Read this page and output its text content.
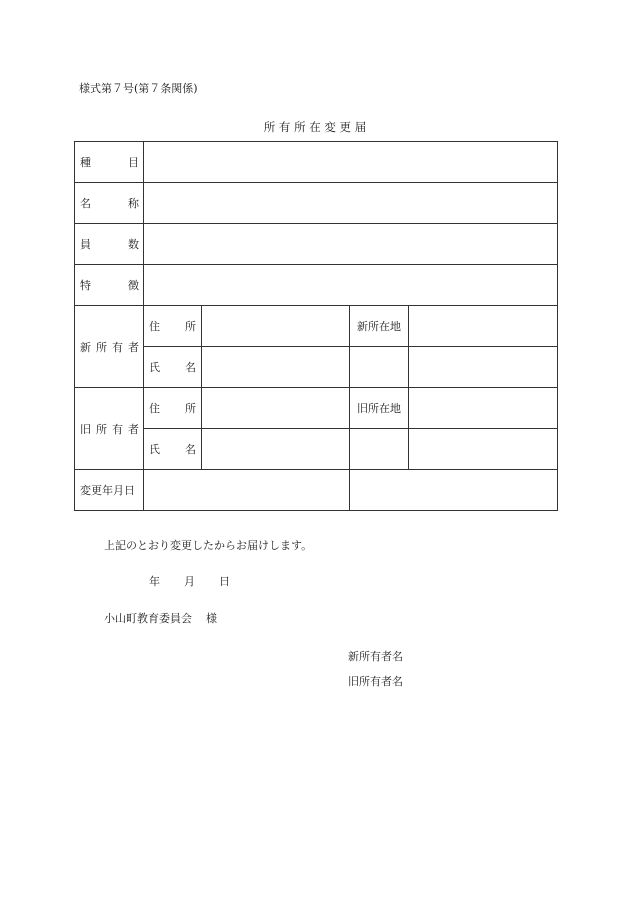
様式第７号(第７条関係)
所 有 所 在 変 更 届
種 目				

名 称				

員 数				

特 徴				

新 所 有 者	住 所		新所在地	

	氏 名			

旧 所 有 者	住 所		旧所在地	

	氏 名			

変更年月日				
上記のとおり変更したからお届けします。
年 月 日
小山町教育委員会 様
新所有者名
旧所有者名
